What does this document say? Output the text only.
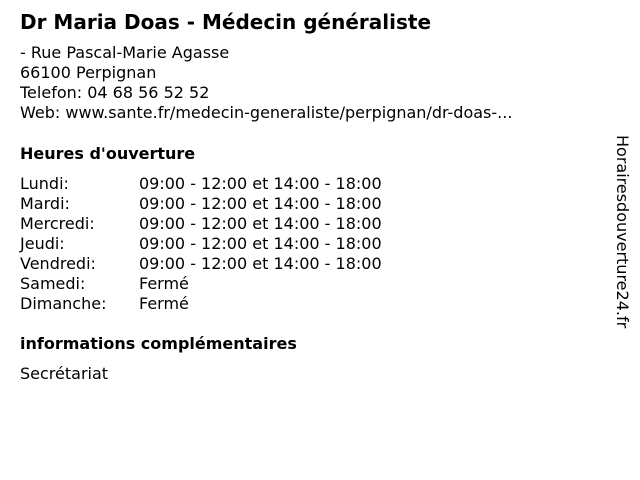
Dr Maria Doas - Médecin généraliste
- Rue Pascal-Marie Agasse
66100 Perpignan
Telefon: 04 68 56 52 52
Web: www.sante.fr/medecin-generaliste/perpignan/dr-doas-...
Heures d'ouverture
Lundi:	09:00 - 12:00 et 14:00 - 18:00
Mardi:	09:00 - 12:00 et 14:00 - 18:00
Mercredi:	09:00 - 12:00 et 14:00 - 18:00
Jeudi:	09:00 - 12:00 et 14:00 - 18:00
Vendredi:	09:00 - 12:00 et 14:00 - 18:00
Samedi:	Fermé
Dimanche: Fermé
informations complémentaires
Secrétariat
Horairesdouverture24.fr
